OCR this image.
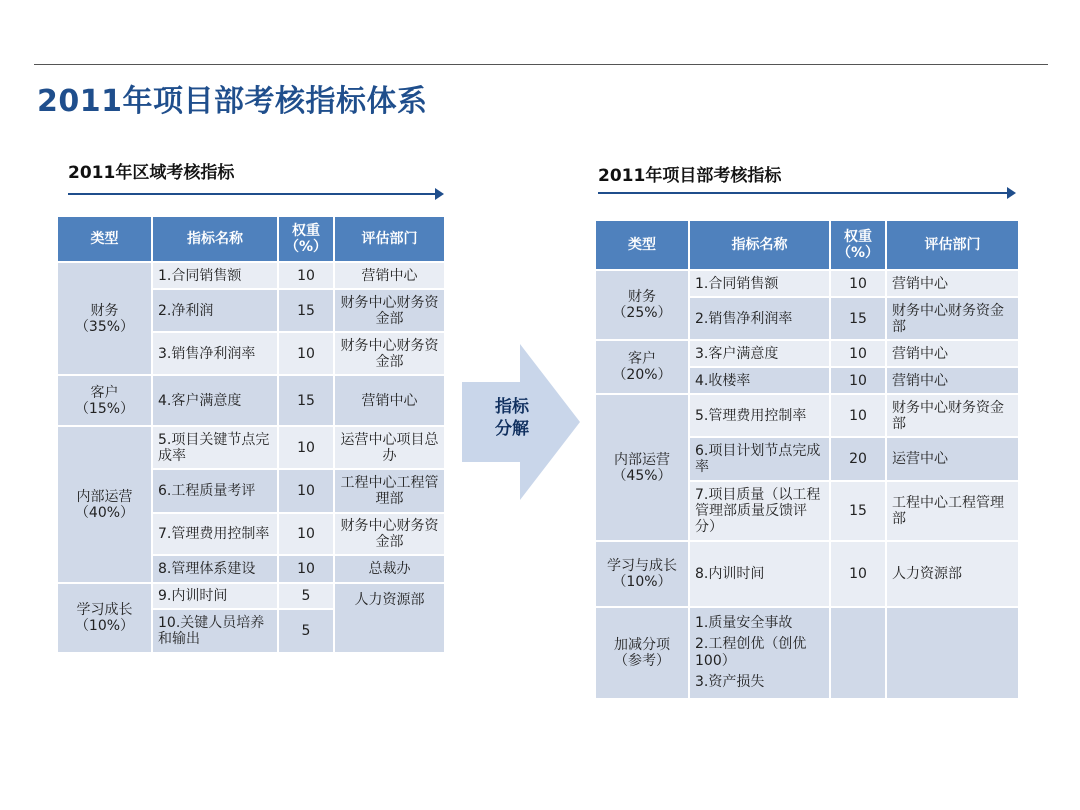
2011年项目部考核指标体系
2011年区域考核指标
类型	指标名称	权重（%）	评估部门

财务
（35%）	1.合同销售额	10	营销中心
	2.净利润	15	财务中心财务资金部
	3.销售净利润率	10	财务中心财务资金部

客户
（15%）	4.客户满意度	15	营销中心

内部运营
（40%）	5.项目关键节点完成率	10	运营中心项目总办
	6.工程质量考评	10	工程中心工程管理部
	7.管理费用控制率	10	财务中心财务资金部
	8.管理体系建设	10	总裁办

学习成长
（10%）	9.内训时间	5	人力资源部
	10.关键人员培养和输出	5	
指标
分解
2011年项目部考核指标
类型	指标名称	权重（%）	评估部门

财务
（25%）	1.合同销售额	10	营销中心
	2.销售净利润率	15	财务中心财务资金部

客户
（20%）	3.客户满意度	10	营销中心
	4.收楼率	10	营销中心

内部运营
（45%）	5.管理费用控制率	10	财务中心财务资金部
	6.项目计划节点完成率	20	运营中心
	7.项目质量（以工程管理部质量反馈评分）	15	工程中心工程管理部

学习与成长
（10%）	8.内训时间	10	人力资源部

加减分项
（参考）	1.质量安全事故
2.工程创优（创优100）
3.资产损失		
